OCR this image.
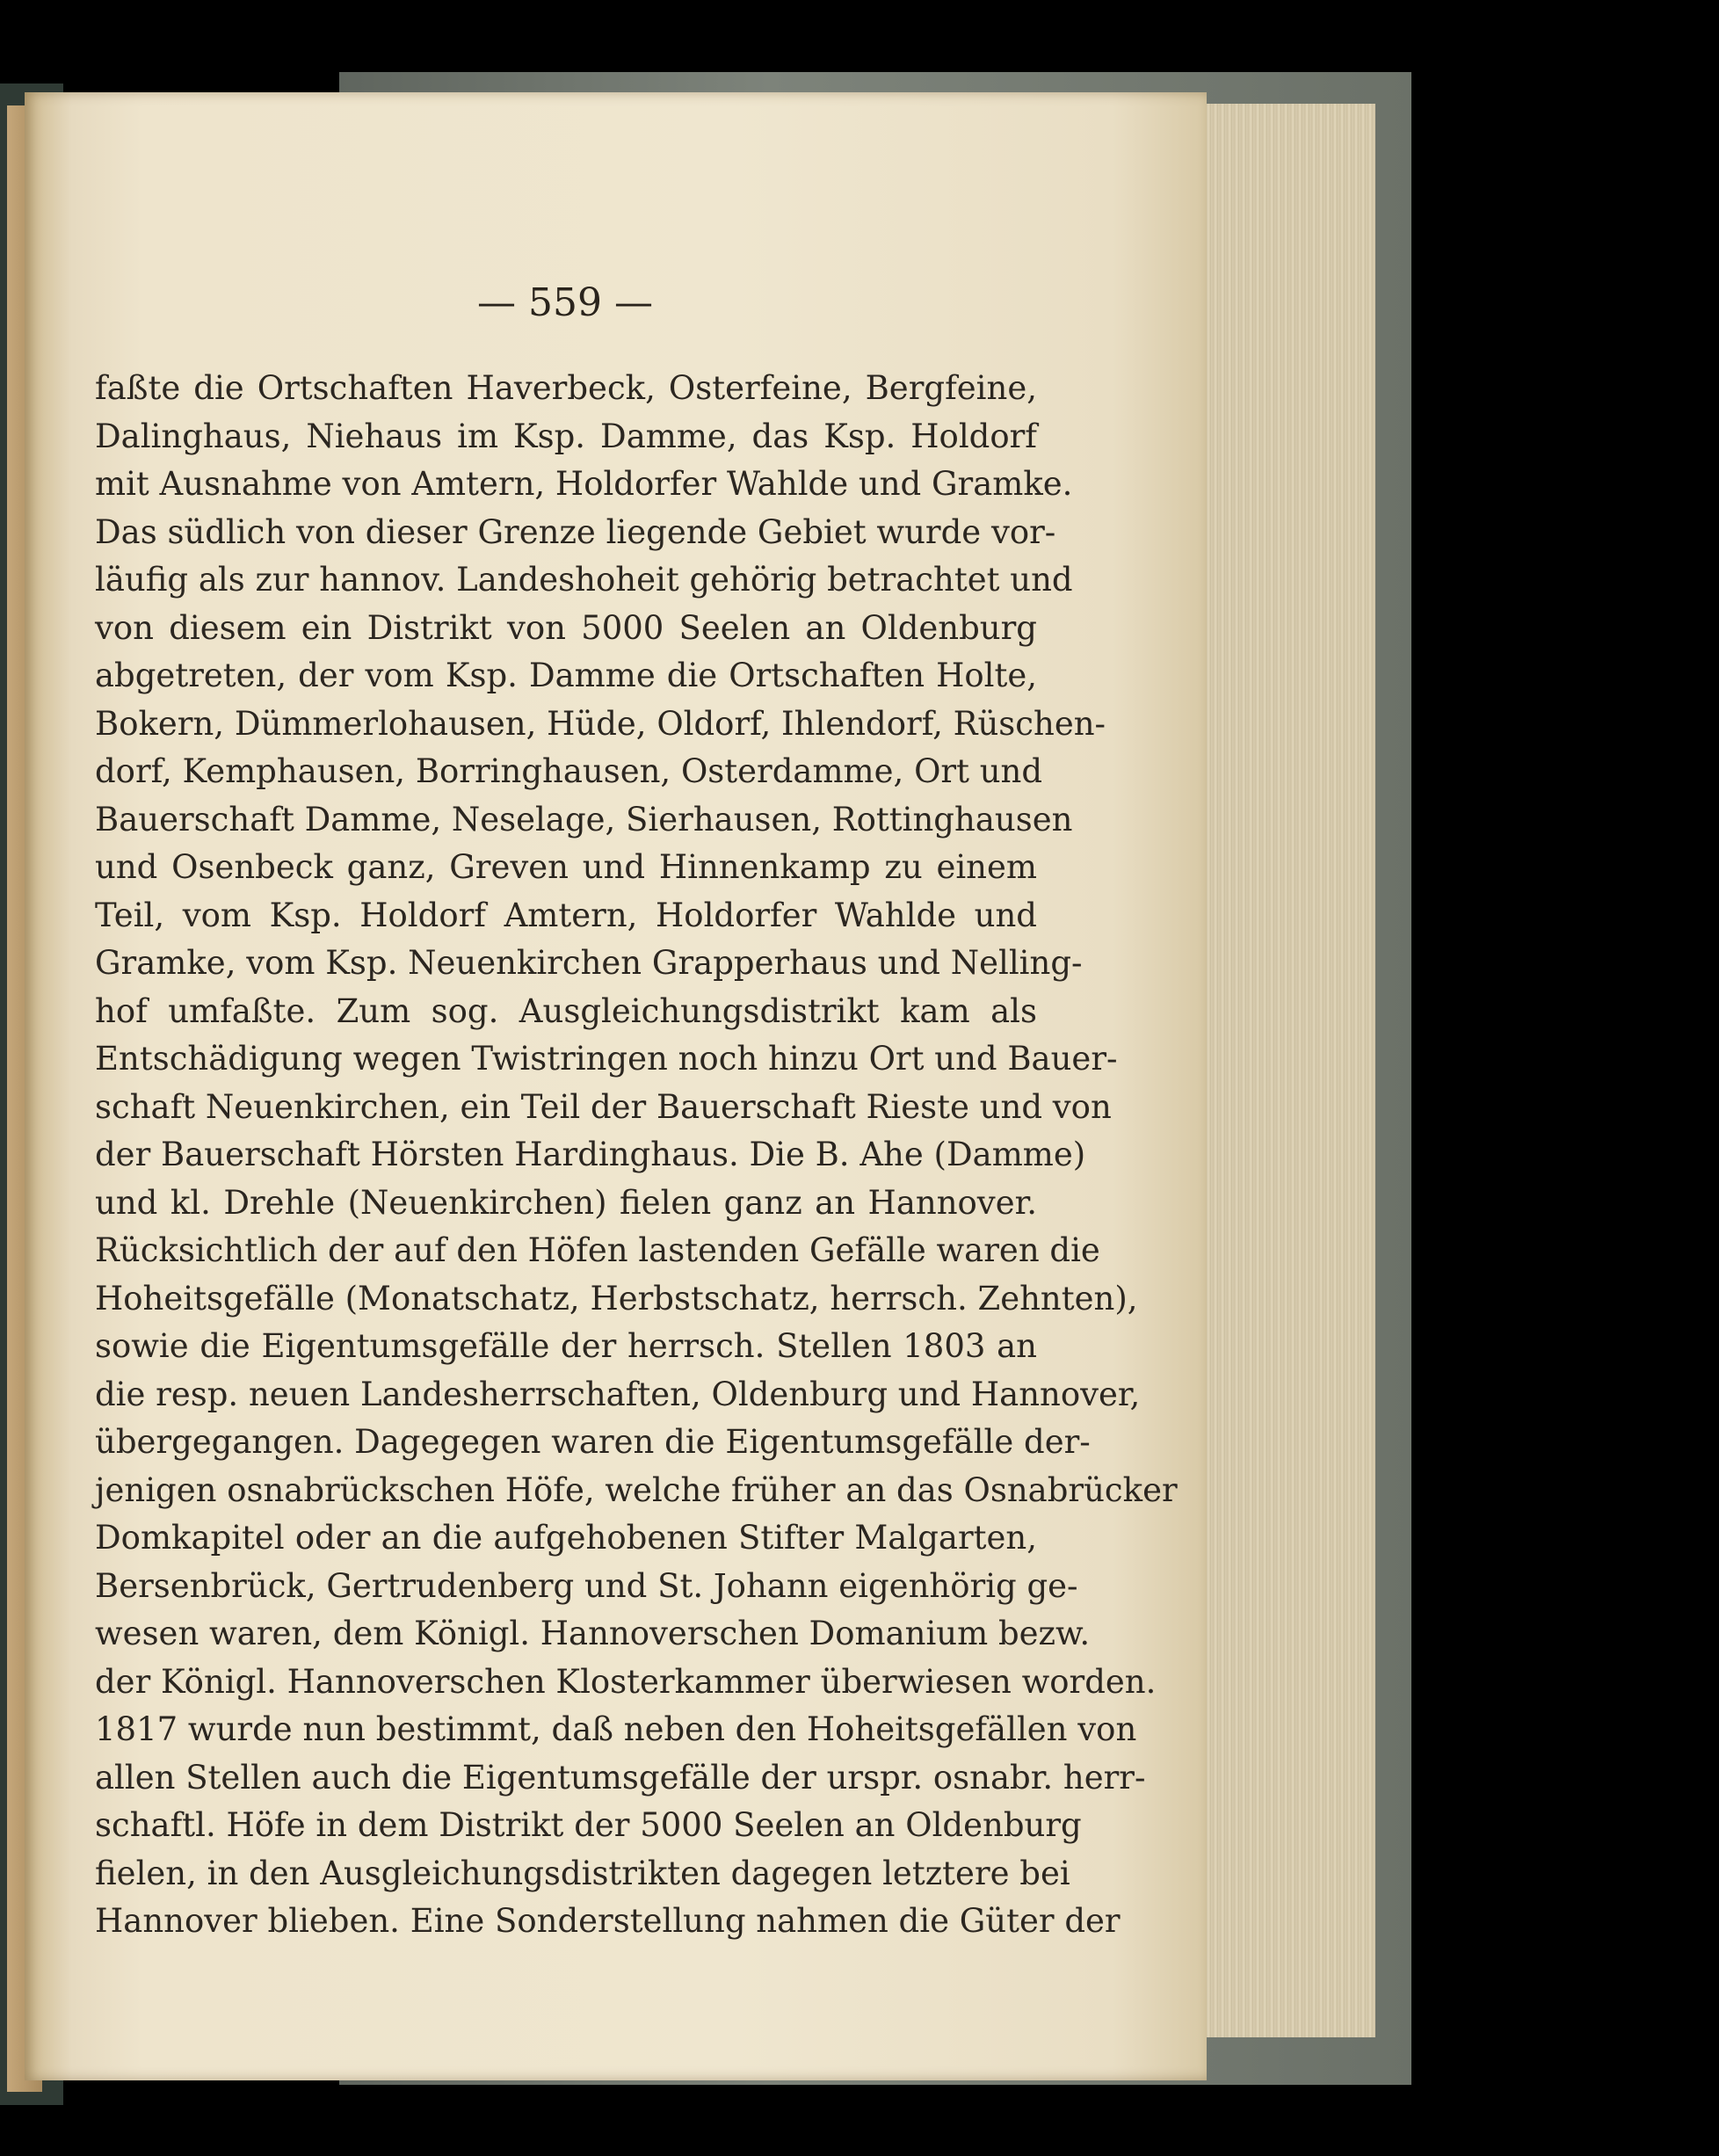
— 559 —
faßte die Ortschaften Haverbeck, Osterfeine, Bergfeine,
Dalinghaus, Niehaus im Ksp. Damme, das Ksp. Holdorf
mit Ausnahme von Amtern, Holdorfer Wahlde und Gramke.
Das südlich von dieser Grenze liegende Gebiet wurde vor-
läufig als zur hannov. Landeshoheit gehörig betrachtet und
von diesem ein Distrikt von 5000 Seelen an Oldenburg
abgetreten, der vom Ksp. Damme die Ortschaften Holte,
Bokern, Dümmerlohausen, Hüde, Oldorf, Ihlendorf, Rüschen-
dorf, Kemphausen, Borringhausen, Osterdamme, Ort und
Bauerschaft Damme, Neselage, Sierhausen, Rottinghausen
und Osenbeck ganz, Greven und Hinnenkamp zu einem
Teil, vom Ksp. Holdorf Amtern, Holdorfer Wahlde und
Gramke, vom Ksp. Neuenkirchen Grapperhaus und Nelling-
hof umfaßte. Zum sog. Ausgleichungsdistrikt kam als
Entschädigung wegen Twistringen noch hinzu Ort und Bauer-
schaft Neuenkirchen, ein Teil der Bauerschaft Rieste und von
der Bauerschaft Hörsten Hardinghaus. Die B. Ahe (Damme)
und kl. Drehle (Neuenkirchen) fielen ganz an Hannover.
Rücksichtlich der auf den Höfen lastenden Gefälle waren die
Hoheitsgefälle (Monatschatz, Herbstschatz, herrsch. Zehnten),
sowie die Eigentumsgefälle der herrsch. Stellen 1803 an
die resp. neuen Landesherrschaften, Oldenburg und Hannover,
übergegangen. Dagegegen waren die Eigentumsgefälle der-
jenigen osnabrückschen Höfe, welche früher an das Osnabrücker
Domkapitel oder an die aufgehobenen Stifter Malgarten,
Bersenbrück, Gertrudenberg und St. Johann eigenhörig ge-
wesen waren, dem Königl. Hannoverschen Domanium bezw.
der Königl. Hannoverschen Klosterkammer überwiesen worden.
1817 wurde nun bestimmt, daß neben den Hoheitsgefällen von
allen Stellen auch die Eigentumsgefälle der urspr. osnabr. herr-
schaftl. Höfe in dem Distrikt der 5000 Seelen an Oldenburg
fielen, in den Ausgleichungsdistrikten dagegen letztere bei
Hannover blieben. Eine Sonderstellung nahmen die Güter der
